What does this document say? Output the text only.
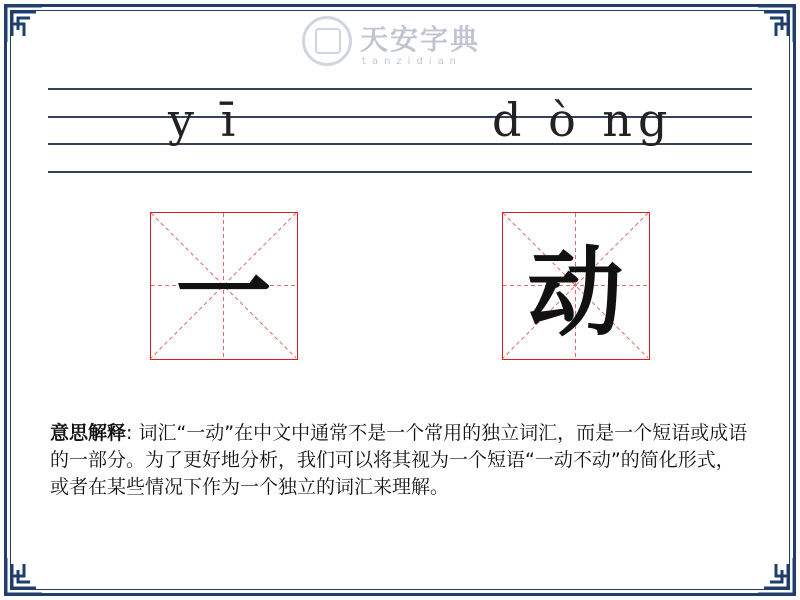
天安字典
tanzidian
y ī	d ò ng
一	动
意思解释: 词汇“一动”在中文中通常不是一个常用的独立词汇，而是一个短语或成语的一部分。为了更好地分析，我们可以将其视为一个短语“一动不动”的简化形式，或者在某些情况下作为一个独立的词汇来理解。
